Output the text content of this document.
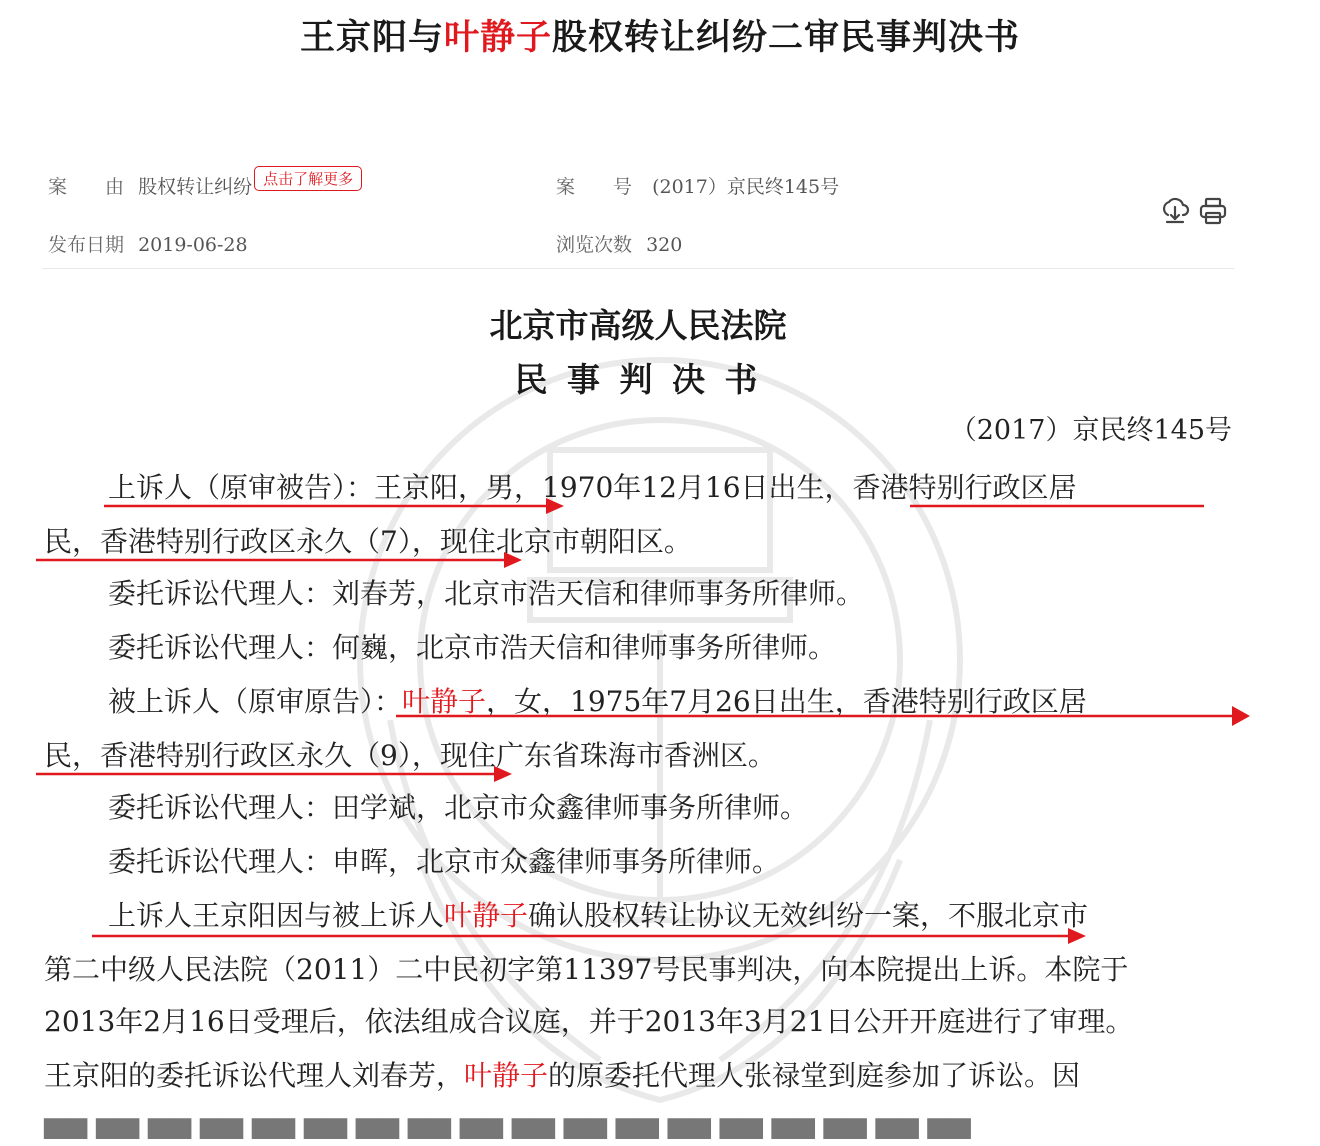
王京阳与叶静子股权转让纠纷二审民事判决书
案　　由 股权转让纠纷 点击了解更多	案　　号 (2017）京民终145号
发布日期 2019-06-28	浏览次数 320
北京市高级人民法院
民 事 判 决 书
（2017）京民终145号
上诉人（原审被告）：王京阳，男，1970年12月16日出生，香港特别行政区居
民，香港特别行政区永久（7），现住北京市朝阳区。
委托诉讼代理人：刘春芳，北京市浩天信和律师事务所律师。
委托诉讼代理人：何巍，北京市浩天信和律师事务所律师。
被上诉人（原审原告）：叶静子，女，1975年7月26日出生，香港特别行政区居
民，香港特别行政区永久（9），现住广东省珠海市香洲区。
委托诉讼代理人：田学斌，北京市众鑫律师事务所律师。
委托诉讼代理人：申晖，北京市众鑫律师事务所律师。
上诉人王京阳因与被上诉人叶静子确认股权转让协议无效纠纷一案，不服北京市
第二中级人民法院（2011）二中民初字第11397号民事判决，向本院提出上诉。本院于
2013年2月16日受理后，依法组成合议庭，并于2013年3月21日公开开庭进行了审理。
王京阳的委托诉讼代理人刘春芳，叶静子的原委托代理人张禄堂到庭参加了诉讼。因
▅▅ ▅▅ ▅▅ ▅▅ ▅▅ ▅▅ ▅▅ ▅▅ ▅▅ ▅▅ ▅▅ ▅▅ ▅▅ ▅▅ ▅▅ ▅▅ ▅▅ ▅▅
